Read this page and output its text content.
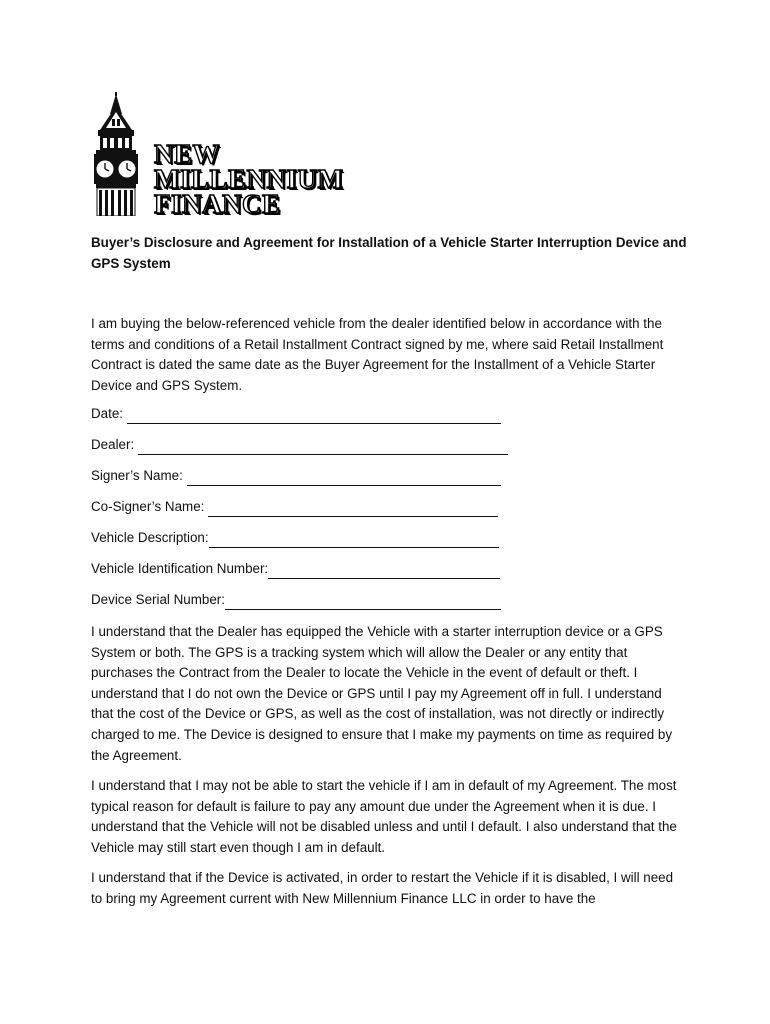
NEW
MILLENNIUM
FINANCE
Buyer’s Disclosure and Agreement for Installation of a Vehicle Starter Interruption Device and GPS System
I am buying the below-referenced vehicle from the dealer identified below in accordance with the terms and conditions of a Retail Installment Contract signed by me, where said Retail Installment Contract is dated the same date as the Buyer Agreement for the Installment of a Vehicle Starter Device and GPS System.
Date:
Dealer:
Signer’s Name:
Co-Signer’s Name:
Vehicle Description:
Vehicle Identification Number:
Device Serial Number:
I understand that the Dealer has equipped the Vehicle with a starter interruption device or a GPS System or both. The GPS is a tracking system which will allow the Dealer or any entity that purchases the Contract from the Dealer to locate the Vehicle in the event of default or theft. I understand that I do not own the Device or GPS until I pay my Agreement off in full. I understand that the cost of the Device or GPS, as well as the cost of installation, was not directly or indirectly charged to me. The Device is designed to ensure that I make my payments on time as required by the Agreement.
I understand that I may not be able to start the vehicle if I am in default of my Agreement. The most typical reason for default is failure to pay any amount due under the Agreement when it is due. I understand that the Vehicle will not be disabled unless and until I default. I also understand that the Vehicle may still start even though I am in default.
I understand that if the Device is activated, in order to restart the Vehicle if it is disabled, I will need to bring my Agreement current with New Millennium Finance LLC in order to have the
